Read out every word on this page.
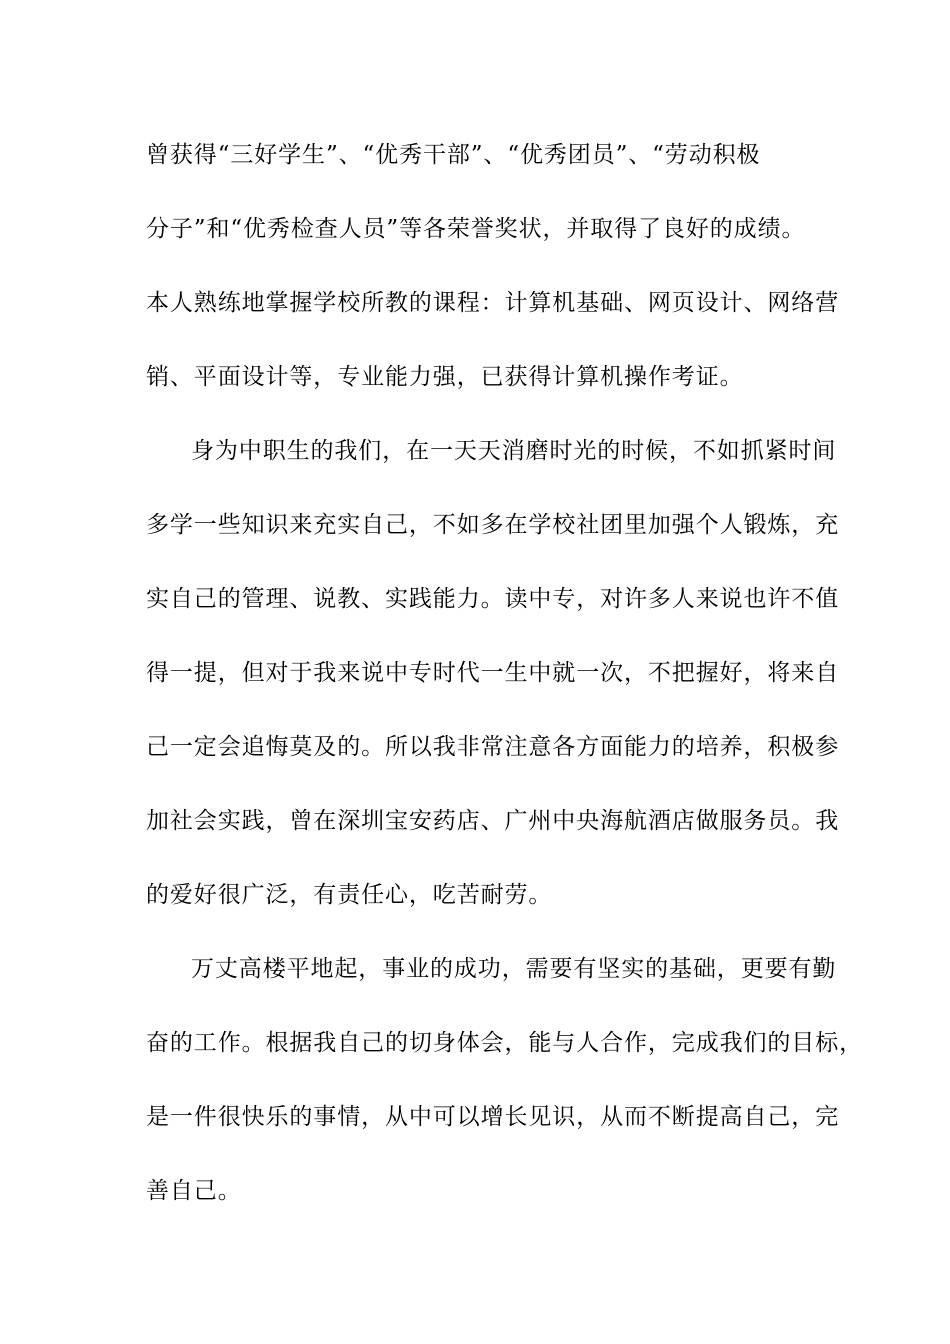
曾获得“三好学生”、“优秀干部”、“优秀团员”、“劳动积极
分子”和“优秀检查人员”等各荣誉奖状，并取得了良好的成绩。
本人熟练地掌握学校所教的课程：计算机基础、网页设计、网络营
销、平面设计等，专业能力强，已获得计算机操作考证。
身为中职生的我们，在一天天消磨时光的时候，不如抓紧时间
多学一些知识来充实自己，不如多在学校社团里加强个人锻炼，充
实自己的管理、说教、实践能力。读中专，对许多人来说也许不值
得一提，但对于我来说中专时代一生中就一次，不把握好，将来自
己一定会追悔莫及的。所以我非常注意各方面能力的培养，积极参
加社会实践，曾在深圳宝安药店、广州中央海航酒店做服务员。我
的爱好很广泛，有责任心，吃苦耐劳。
万丈高楼平地起，事业的成功，需要有坚实的基础，更要有勤
奋的工作。根据我自己的切身体会，能与人合作，完成我们的目标，
是一件很快乐的事情，从中可以增长见识，从而不断提高自己，完
善自己。
